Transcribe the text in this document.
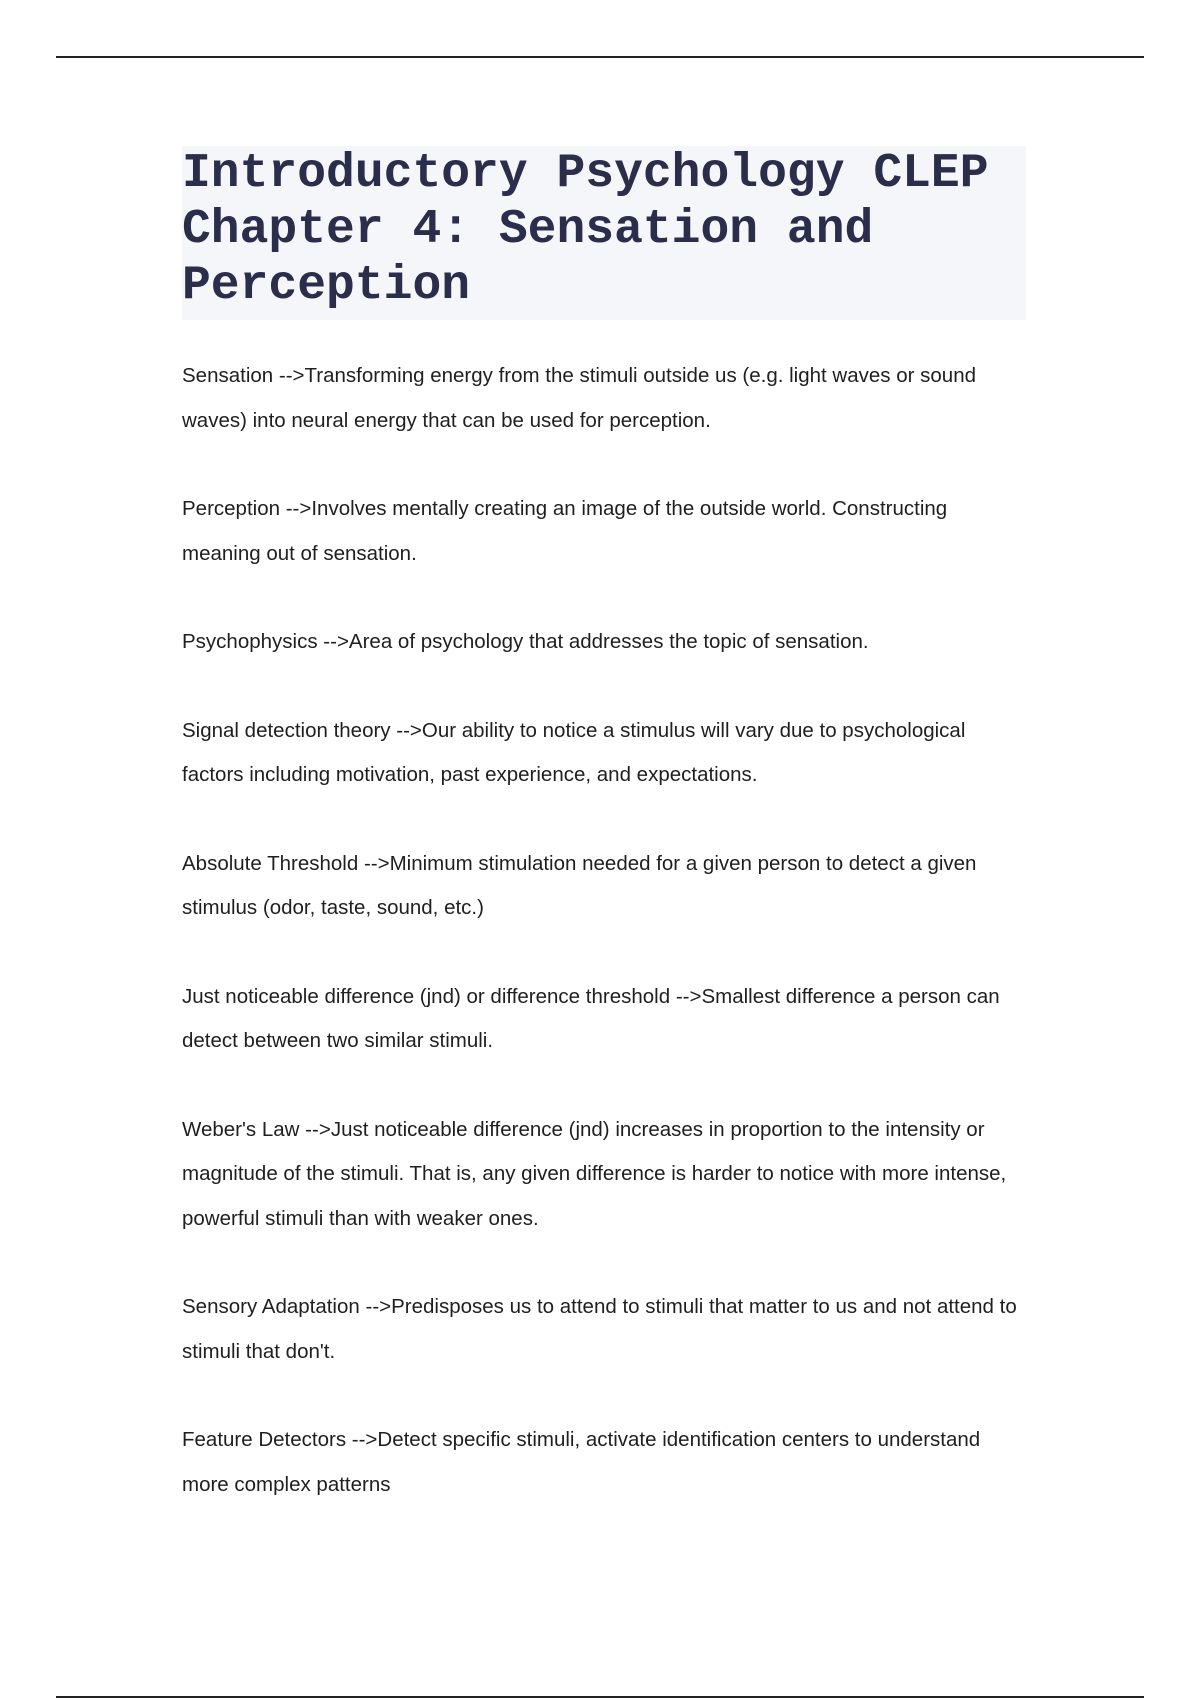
Introductory Psychology CLEP Chapter 4: Sensation and Perception

Sensation -->Transforming energy from the stimuli outside us (e.g. light waves or sound waves) into neural energy that can be used for perception.

Perception -->Involves mentally creating an image of the outside world. Constructing meaning out of sensation.

Psychophysics -->Area of psychology that addresses the topic of sensation.

Signal detection theory -->Our ability to notice a stimulus will vary due to psychological factors including motivation, past experience, and expectations.

Absolute Threshold -->Minimum stimulation needed for a given person to detect a given stimulus (odor, taste, sound, etc.)

Just noticeable difference (jnd) or difference threshold -->Smallest difference a person can detect between two similar stimuli.

Weber's Law -->Just noticeable difference (jnd) increases in proportion to the intensity or magnitude of the stimuli. That is, any given difference is harder to notice with more intense, powerful stimuli than with weaker ones.

Sensory Adaptation -->Predisposes us to attend to stimuli that matter to us and not attend to stimuli that don't.

Feature Detectors -->Detect specific stimuli, activate identification centers to understand more complex patterns
